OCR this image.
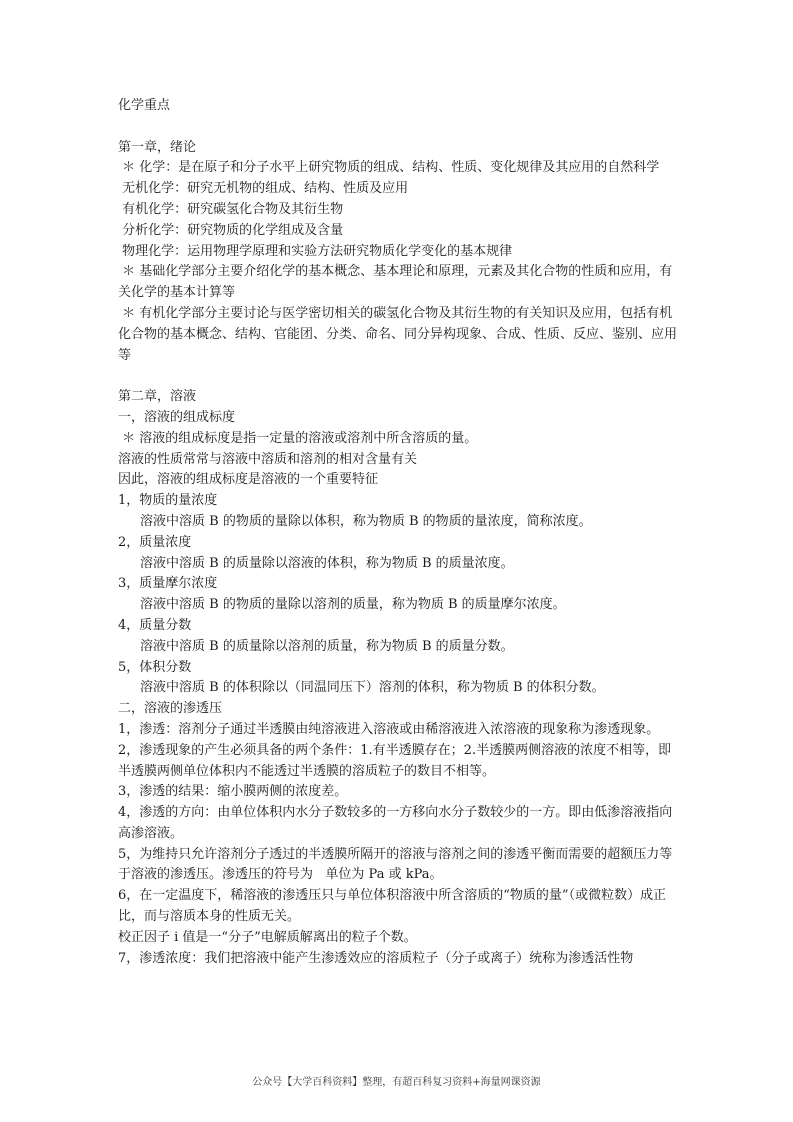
化学重点
第一章，绪论
＊ 化学：是在原子和分子水平上研究物质的组成、结构、性质、变化规律及其应用的自然科学
无机化学：研究无机物的组成、结构、性质及应用
有机化学：研究碳氢化合物及其衍生物
分析化学：研究物质的化学组成及含量
物理化学：运用物理学原理和实验方法研究物质化学变化的基本规律
＊ 基础化学部分主要介绍化学的基本概念、基本理论和原理，元素及其化合物的性质和应用，有关化学的基本计算等
＊ 有机化学部分主要讨论与医学密切相关的碳氢化合物及其衍生物的有关知识及应用，包括有机化合物的基本概念、结构、官能团、分类、命名、同分异构现象、合成、性质、反应、鉴别、应用等
第二章，溶液
一，溶液的组成标度
＊ 溶液的组成标度是指一定量的溶液或溶剂中所含溶质的量。
溶液的性质常常与溶液中溶质和溶剂的相对含量有关
因此，溶液的组成标度是溶液的一个重要特征
1，物质的量浓度
溶液中溶质 B 的物质的量除以体积，称为物质 B 的物质的量浓度，简称浓度。
2，质量浓度
溶液中溶质 B 的质量除以溶液的体积，称为物质 B 的质量浓度。
3，质量摩尔浓度
溶液中溶质 B 的物质的量除以溶剂的质量，称为物质 B 的质量摩尔浓度。
4，质量分数
溶液中溶质 B 的质量除以溶剂的质量，称为物质 B 的质量分数。
5，体积分数
溶液中溶质 B 的体积除以（同温同压下）溶剂的体积，称为物质 B 的体积分数。
二，溶液的渗透压
1，渗透：溶剂分子通过半透膜由纯溶液进入溶液或由稀溶液进入浓溶液的现象称为渗透现象。
2，渗透现象的产生必须具备的两个条件：1.有半透膜存在；2.半透膜两侧溶液的浓度不相等，即半透膜两侧单位体积内不能透过半透膜的溶质粒子的数目不相等。
3，渗透的结果：缩小膜两侧的浓度差。
4，渗透的方向：由单位体积内水分子数较多的一方移向水分子数较少的一方。即由低渗溶液指向高渗溶液。
5，为维持只允许溶剂分子透过的半透膜所隔开的溶液与溶剂之间的渗透平衡而需要的超额压力等于溶液的渗透压。渗透压的符号为   单位为 Pa 或 kPa。
6，在一定温度下，稀溶液的渗透压只与单位体积溶液中所含溶质的“物质的量”（或微粒数）成正比，而与溶质本身的性质无关。
校正因子 i 值是一“分子”电解质解离出的粒子个数。
7，渗透浓度：我们把溶液中能产生渗透效应的溶质粒子（分子或离子）统称为渗透活性物
公众号【大学百科资料】整理，有超百科复习资料+海量网课资源
